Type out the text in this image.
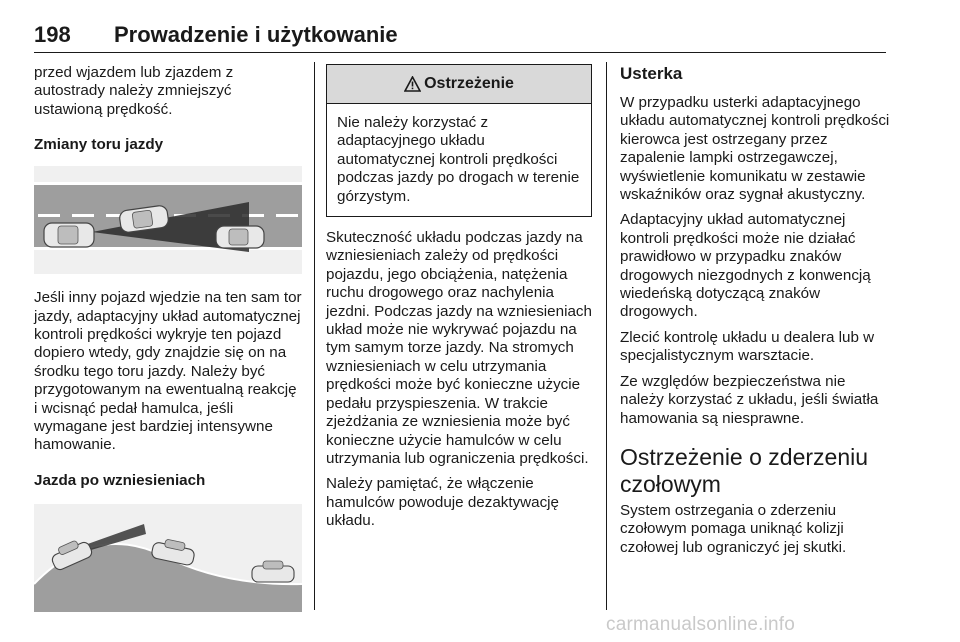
198 Prowadzenie i użytkowanie

przed wjazdem lub zjazdem z autostrady należy zmniejszyć ustawioną prędkość.

Zmiany toru jazdy

Jeśli inny pojazd wjedzie na ten sam tor jazdy, adaptacyjny układ automatycznej kontroli prędkości wykryje ten pojazd dopiero wtedy, gdy znajdzie się on na środku tego toru jazdy. Należy być przygotowanym na ewentualną reakcję i wcisnąć pedał hamulca, jeśli wymagane jest bardziej intensywne hamowanie.

Jazda po wzniesieniach

Ostrzeżenie

Nie należy korzystać z adaptacyjnego układu automatycznej kontroli prędkości podczas jazdy po drogach w terenie górzystym.

Skuteczność układu podczas jazdy na wzniesieniach zależy od prędkości pojazdu, jego obciążenia, natężenia ruchu drogowego oraz nachylenia jezdni. Podczas jazdy na wzniesieniach układ może nie wykrywać pojazdu na tym samym torze jazdy. Na stromych wzniesieniach w celu utrzymania prędkości może być konieczne użycie pedału przyspieszenia. W trakcie zjeżdżania ze wzniesienia może być konieczne użycie hamulców w celu utrzymania lub ograniczenia prędkości.

Należy pamiętać, że włączenie hamulców powoduje dezaktywację układu.

Usterka

W przypadku usterki adaptacyjnego układu automatycznej kontroli prędkości kierowca jest ostrzegany przez zapalenie lampki ostrzegawczej, wyświetlenie komunikatu w zestawie wskaźników oraz sygnał akustyczny.

Adaptacyjny układ automatycznej kontroli prędkości może nie działać prawidłowo w przypadku znaków drogowych niezgodnych z konwencją wiedeńską dotyczącą znaków drogowych.

Zlecić kontrolę układu u dealera lub w specjalistycznym warsztacie.

Ze względów bezpieczeństwa nie należy korzystać z układu, jeśli światła hamowania są niesprawne.

Ostrzeżenie o zderzeniu czołowym

System ostrzegania o zderzeniu czołowym pomaga uniknąć kolizji czołowej lub ograniczyć jej skutki.

carmanualsonline.info
